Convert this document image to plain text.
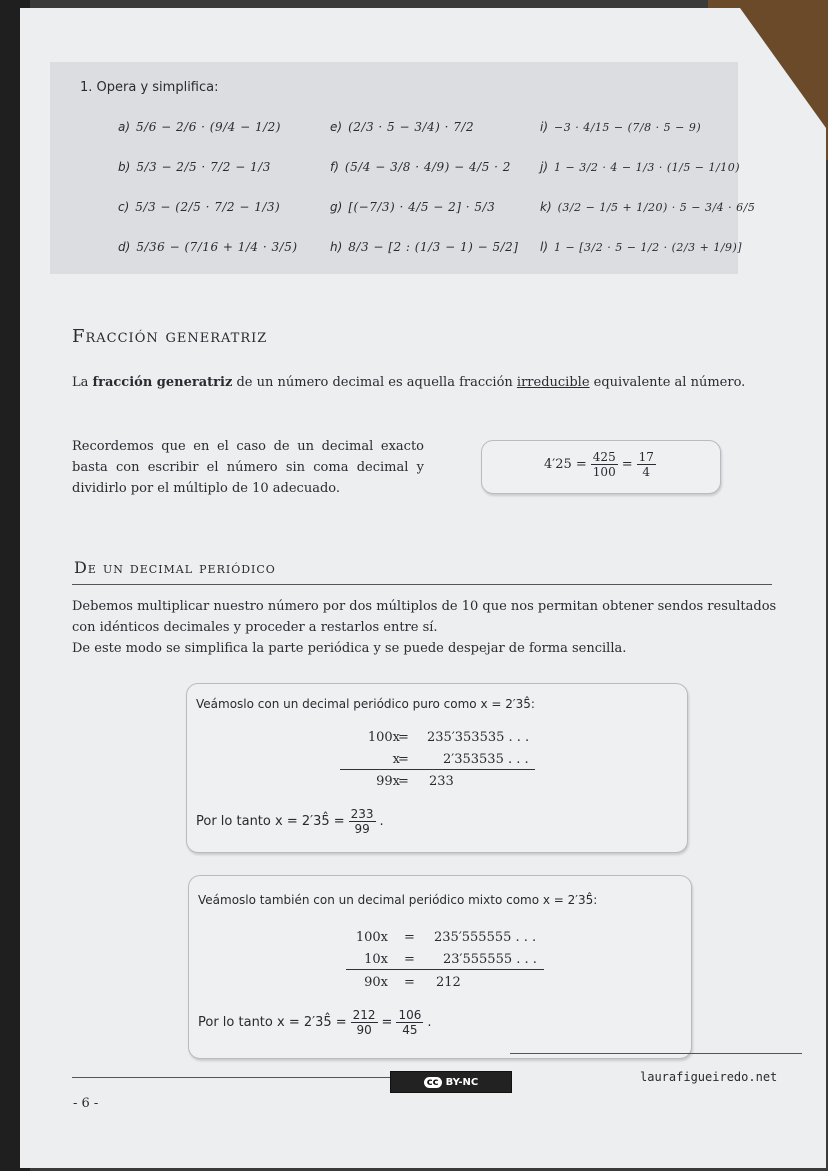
1. Opera y simplifica:
a) 5/6 − 2/6 · (9/4 − 1/2)
b) 5/3 − 2/5 · 7/2 − 1/3
c) 5/3 − (2/5 · 7/2 − 1/3)
d) 5/36 − (7/16 + 1/4 · 3/5)
e) (2/3 · 5 − 3/4) · 7/2
f) (5/4 − 3/8 · 4/9) − 4/5 · 2
g) [(−7/3) · 4/5 − 2] · 5/3
h) 8/3 − [2 : (1/3 − 1) − 5/2]
i) −3 · 4/15 − (7/8 · 5 − 9)
j) 1 − 3/2 · 4 − 1/3 · (1/5 − 1/10)
k) (3/2 − 1/5 + 1/20) · 5 − 3/4 · 6/5
l) 1 − [3/2 · 5 − 1/2 · (2/3 + 1/9)]
Fracción generatriz
La fracción generatriz de un número decimal es aquella fracción irreducible equivalente al número.
Recordemos que en el caso de un decimal exacto basta con escribir el número sin coma decimal y dividirlo por el múltiplo de 10 adecuado.
$4'25 = \frac{425}{100} = \frac{17}{4}$
De un decimal periódico
Debemos multiplicar nuestro número por dos múltiplos de 10 que nos permitan obtener sendos resultados con idénticos decimales y proceder a restarlos entre sí.
De este modo se simplifica la parte periódica y se puede despejar de forma sencilla.
Veámoslo con un decimal periódico puro como x = 2′35̂:
100x
= 235′353535 . . .
x
=	2′353535 . . .
99x
= 233
Por lo tanto x = 2′35̂ = $\frac{233}{99}$ .
Veámoslo también con un decimal periódico mixto como x = 2′35̂:
100x = 235′555555 . . .
10x = 23′555555 . . .
90x = 212
Por lo tanto x = 2′35̂ = $\frac{212}{90} = \frac{106}{45}$ .
cc BY-NC	laurafigueiredo.net
- 6 -
